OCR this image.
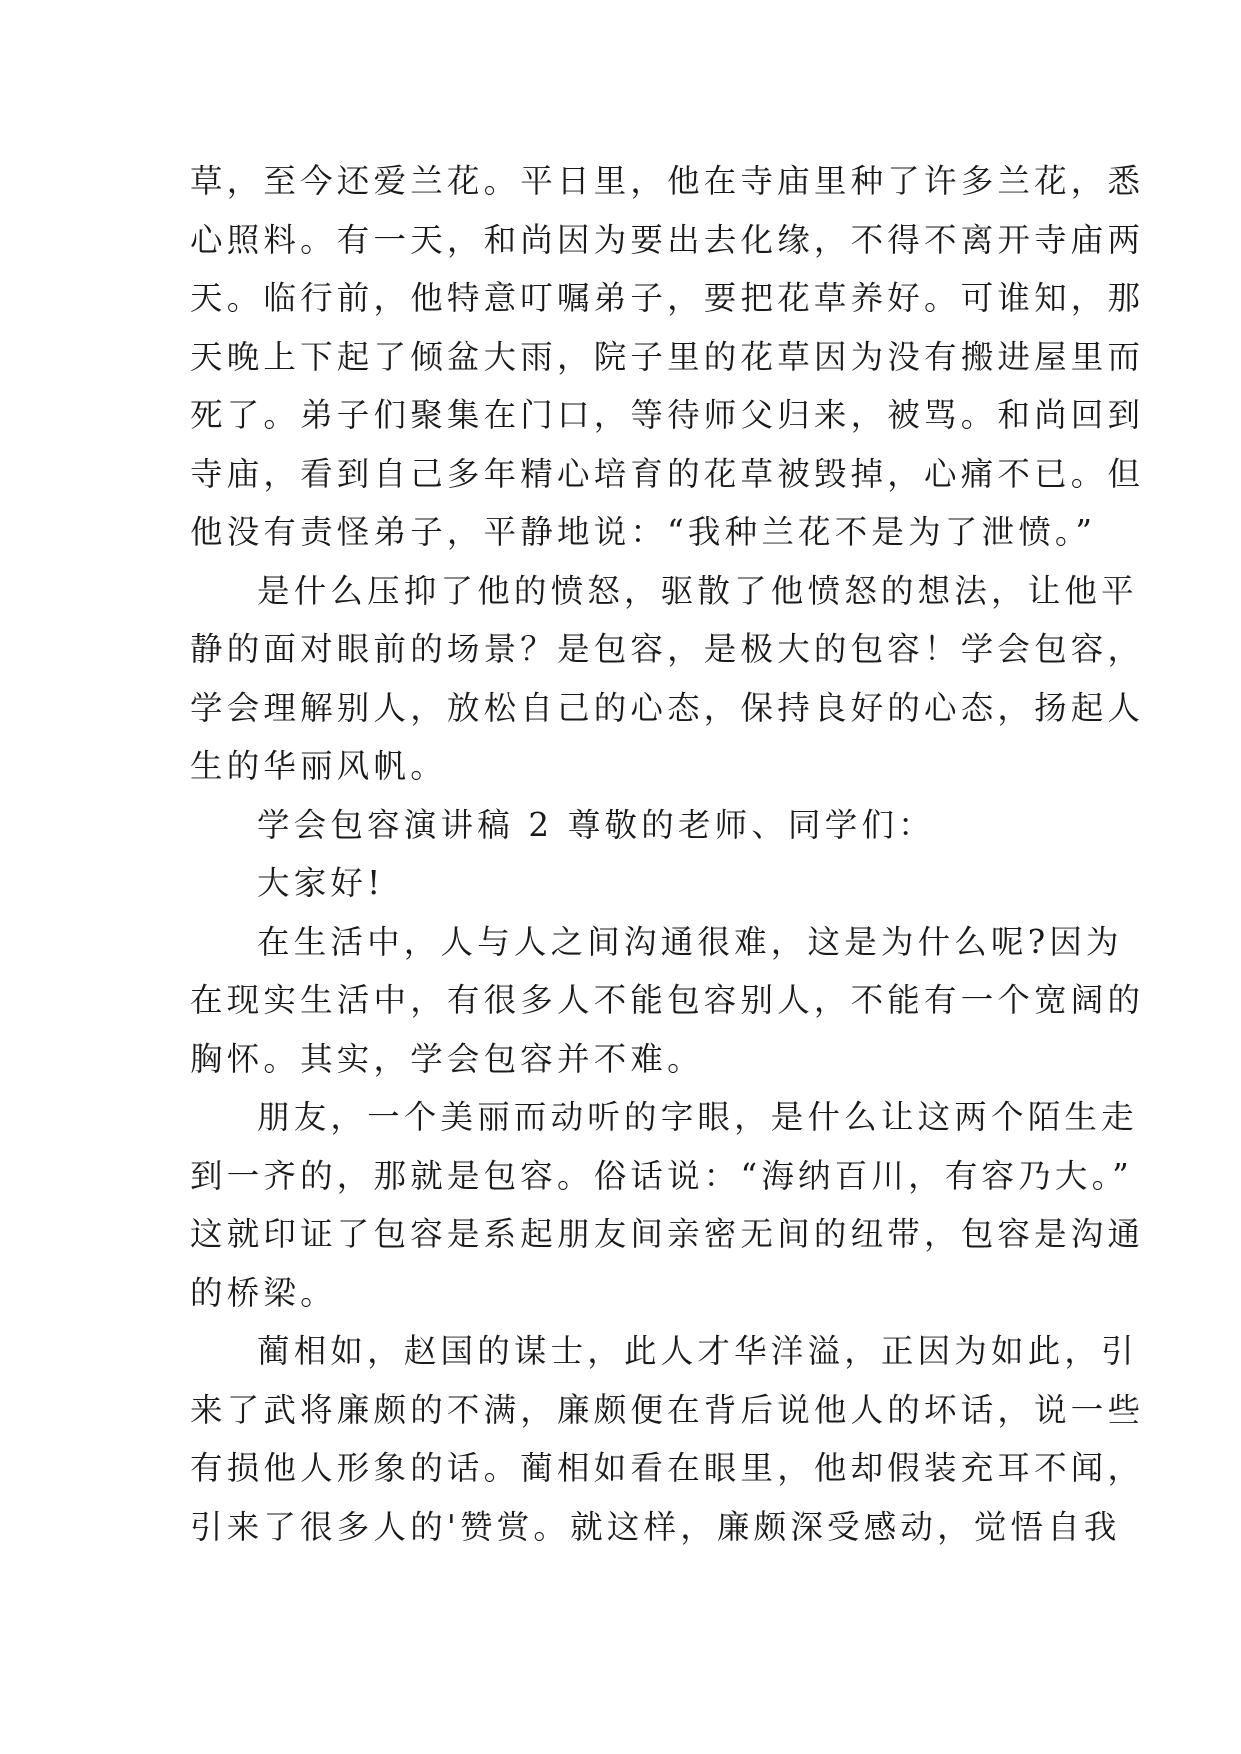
草，至今还爱兰花。平日里，他在寺庙里种了许多兰花，悉
心照料。有一天，和尚因为要出去化缘，不得不离开寺庙两
天。临行前，他特意叮嘱弟子，要把花草养好。可谁知，那
天晚上下起了倾盆大雨，院子里的花草因为没有搬进屋里而
死了。弟子们聚集在门口，等待师父归来，被骂。和尚回到
寺庙，看到自己多年精心培育的花草被毁掉，心痛不已。但
他没有责怪弟子，平静地说：“我种兰花不是为了泄愤。”
是什么压抑了他的愤怒，驱散了他愤怒的想法，让他平
静的面对眼前的场景？是包容，是极大的包容！学会包容，
学会理解别人，放松自己的心态，保持良好的心态，扬起人
生的华丽风帆。
学会包容演讲稿 2 尊敬的老师、同学们：
大家好!
在生活中，人与人之间沟通很难，这是为什么呢?因为
在现实生活中，有很多人不能包容别人，不能有一个宽阔的
胸怀。其实，学会包容并不难。
朋友，一个美丽而动听的字眼，是什么让这两个陌生走
到一齐的，那就是包容。俗话说：“海纳百川，有容乃大。”
这就印证了包容是系起朋友间亲密无间的纽带，包容是沟通
的桥梁。
蔺相如，赵国的谋士，此人才华洋溢，正因为如此，引
来了武将廉颇的不满，廉颇便在背后说他人的坏话，说一些
有损他人形象的话。蔺相如看在眼里，他却假装充耳不闻，
引来了很多人的'赞赏。就这样，廉颇深受感动，觉悟自我
